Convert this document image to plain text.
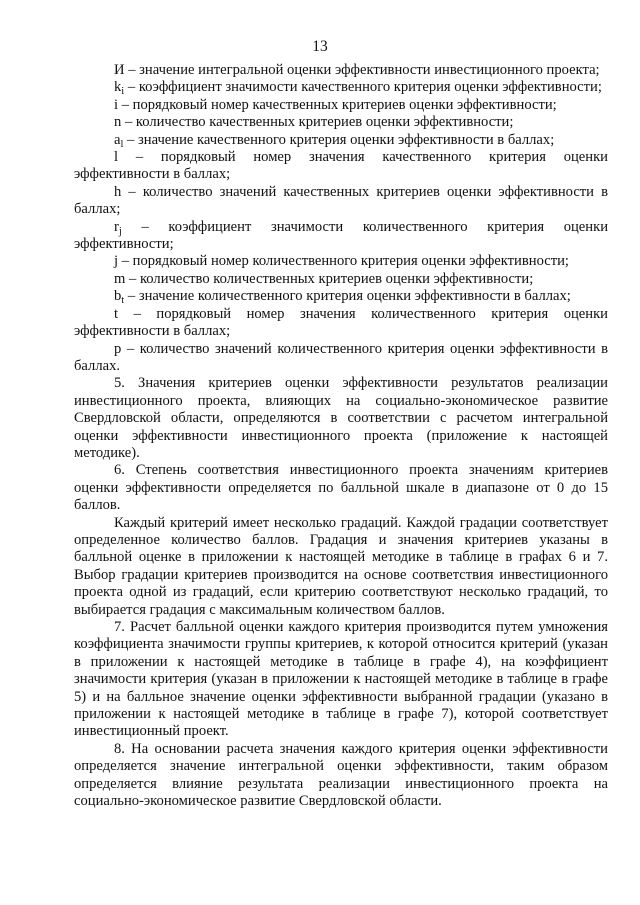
13

И – значение интегральной оценки эффективности инвестиционного проекта;

$k_i$ – коэффициент значимости качественного критерия оценки эффективности;

i – порядковый номер качественных критериев оценки эффективности;

n – количество качественных критериев оценки эффективности;

$a_l$ – значение качественного критерия оценки эффективности в баллах;

l – порядковый номер значения качественного критерия оценки эффективности в баллах;

h – количество значений качественных критериев оценки эффективности в баллах;

$r_j$ – коэффициент значимости количественного критерия оценки эффективности;

j – порядковый номер количественного критерия оценки эффективности;

m – количество количественных критериев оценки эффективности;

$b_t$ – значение количественного критерия оценки эффективности в баллах;

t – порядковый номер значения количественного критерия оценки эффективности в баллах;

p – количество значений количественного критерия оценки эффективности в баллах.

5. Значения критериев оценки эффективности результатов реализации инвестиционного проекта, влияющих на социально-экономическое развитие Свердловской области, определяются в соответствии с расчетом интегральной оценки эффективности инвестиционного проекта (приложение к настоящей методике).

6. Степень соответствия инвестиционного проекта значениям критериев оценки эффективности определяется по балльной шкале в диапазоне от 0 до 15 баллов.

Каждый критерий имеет несколько градаций. Каждой градации соответствует определенное количество баллов. Градация и значения критериев указаны в балльной оценке в приложении к настоящей методике в таблице в графах 6 и 7. Выбор градации критериев производится на основе соответствия инвестиционного проекта одной из градаций, если критерию соответствуют несколько градаций, то выбирается градация с максимальным количеством баллов.

7. Расчет балльной оценки каждого критерия производится путем умножения коэффициента значимости группы критериев, к которой относится критерий (указан в приложении к настоящей методике в таблице в графе 4), на коэффициент значимости критерия (указан в приложении к настоящей методике в таблице в графе 5) и на балльное значение оценки эффективности выбранной градации (указано в приложении к настоящей методике в таблице в графе 7), которой соответствует инвестиционный проект.

8. На основании расчета значения каждого критерия оценки эффективности определяется значение интегральной оценки эффективности, таким образом определяется влияние результата реализации инвестиционного проекта на социально-экономическое развитие Свердловской области.
